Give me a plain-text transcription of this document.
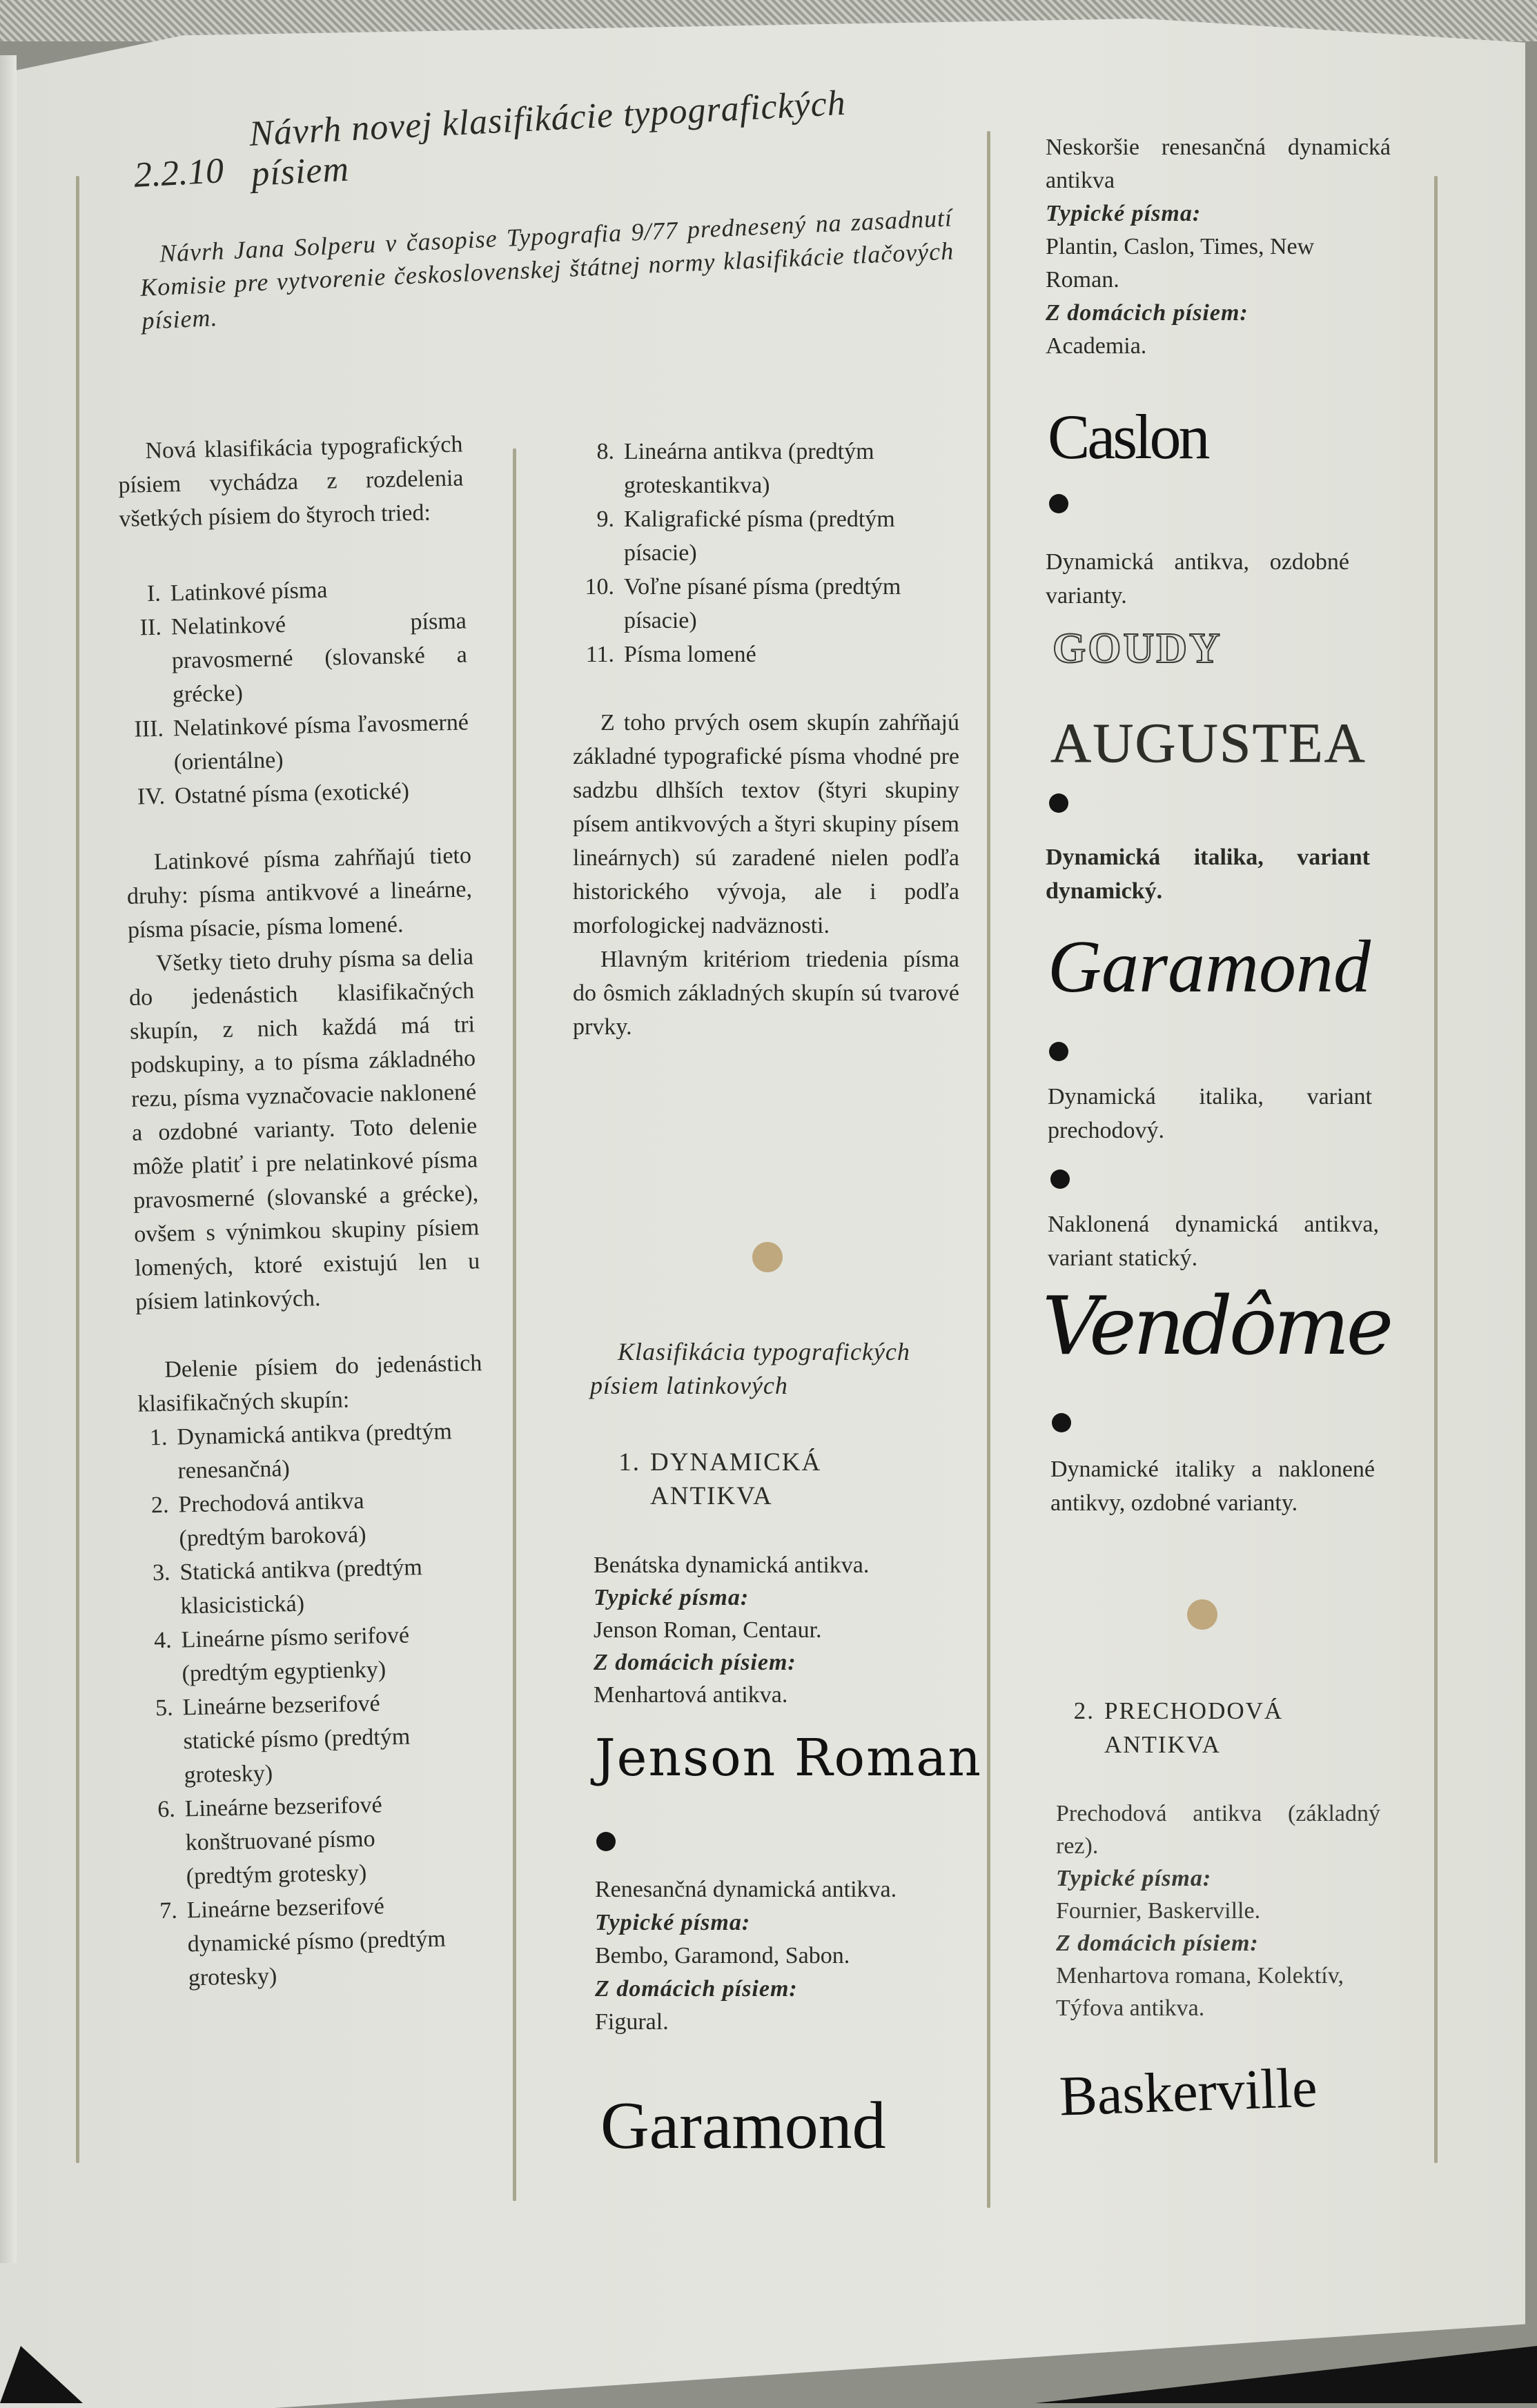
2.2.10
Návrh novej klasifikácie typografických
písiem
Návrh Jana Solperu v časopise Typografia 9/77 prednesený na zasadnutí Komisie pre vytvorenie československej štátnej normy klasifikácie tlačových písiem.
Nová klasifikácia typografických písiem vychádza z rozdelenia všetkých písiem do štyroch tried:
I. Latinkové písma
II. Nelatinkové písma pravosmerné (slovanské a grécke)
III. Nelatinkové písma ľavosmerné (orientálne)
IV. Ostatné písma (exotické)
Latinkové písma zahŕňajú tieto druhy: písma antikvové a lineárne, písma písacie, písma lomené.
Všetky tieto druhy písma sa delia do jedenástich klasifikačných skupín, z nich každá má tri podskupiny, a to písma základného rezu, písma vyznačovacie naklonené a ozdobné varianty. Toto delenie môže platiť i pre nelatinkové písma pravosmerné (slovanské a grécke), ovšem s výnimkou skupiny písiem lomených, ktoré existujú len u písiem latinkových.
Delenie písiem do jedenástich klasifikačných skupín:
1. Dynamická antikva (predtým renesančná)
2. Prechodová antikva (predtým baroková)
3. Statická antikva (predtým klasicistická)
4. Lineárne písmo serifové (predtým egyptienky)
5. Lineárne bezserifové statické písmo (predtým grotesky)
6. Lineárne bezserifové konštruované písmo (predtým grotesky)
7. Lineárne bezserifové dynamické písmo (predtým grotesky)
8. Lineárna antikva (predtým groteskantikva)
9. Kaligrafické písma (predtým písacie)
10. Voľne písané písma (predtým písacie)
11. Písma lomené
Z toho prvých osem skupín zahŕňajú základné typografické písma vhodné pre sadzbu dlhších textov (štyri skupiny písem antikvových a štyri skupiny písem lineárnych) sú zaradené nielen podľa historického vývoja, ale i podľa morfologickej nadväznosti.
Hlavným kritériom triedenia písma do ôsmich základných skupín sú tvarové prvky.
Klasifikácia typografických písiem latinkových
1. DYNAMICKÁ
ANTIKVA
Benátska dynamická antikva.
Typické písma:
Jenson Roman, Centaur.
Z domácich písiem:
Menhartová antikva.
Jenson Roman
Renesančná dynamická antikva.
Typické písma:
Bembo, Garamond, Sabon.
Z domácich písiem:
Figural.
Garamond
Neskoršie renesančná dynamická antikva
Typické písma:
Plantin, Caslon, Times, New Roman.
Z domácich písiem:
Academia.
Caslon
Dynamická antikva, ozdobné varianty.
GOUDY
AUGUSTEA
Dynamická italika, variant dynamický.
Garamond
Dynamická italika, variant prechodový.
Naklonená dynamická antikva, variant statický.
Vendôme
Dynamické italiky a naklonené antikvy, ozdobné varianty.
2. PRECHODOVÁ
ANTIKVA
Prechodová antikva (základný rez).
Typické písma:
Fournier, Baskerville.
Z domácich písiem:
Menhartova romana, Kolektív, Týfova antikva.
Baskerville
